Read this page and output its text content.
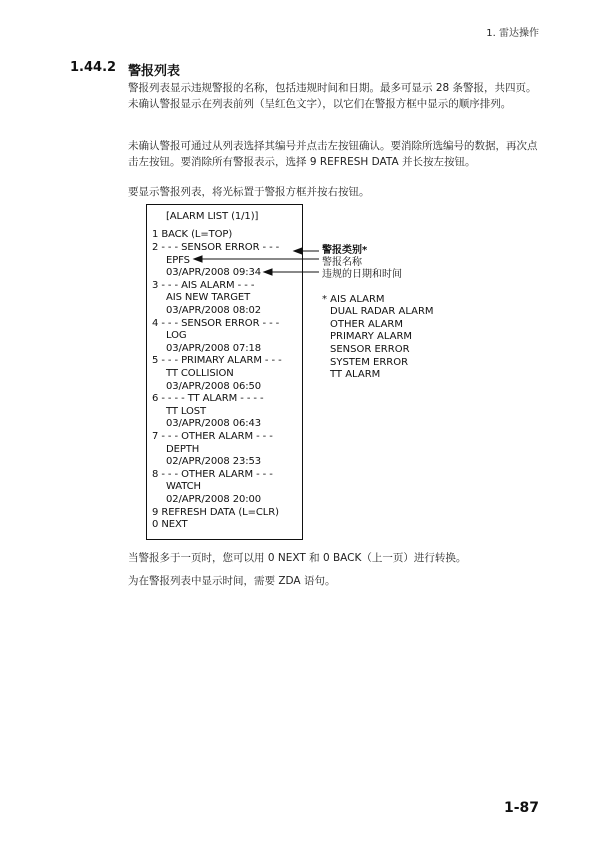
1. 雷达操作
1.44.2 警报列表
警报列表显示违规警报的名称，包括违规时间和日期。最多可显示 28 条警报，共四页。未确认警报显示在列表前列（呈红色文字），以它们在警报方框中显示的顺序排列。
未确认警报可通过从列表选择其编号并点击左按钮确认。要消除所选编号的数据，再次点击左按钮。要消除所有警报表示，选择 9 REFRESH DATA 并长按左按钮。
要显示警报列表，将光标置于警报方框并按右按钮。
[ALARM LIST (1/1)]
1 BACK (L=TOP)
2 - - - SENSOR ERROR - - -
EPFS
03/APR/2008 09:34
3 - - - AIS ALARM - - -
AIS NEW TARGET
03/APR/2008 08:02
4 - - - SENSOR ERROR - - -
LOG
03/APR/2008 07:18
5 - - - PRIMARY ALARM - - -
TT COLLISION
03/APR/2008 06:50
6 - - - - TT ALARM - - - -
TT LOST
03/APR/2008 06:43
7 - - - OTHER ALARM - - -
DEPTH
02/APR/2008 23:53
8 - - - OTHER ALARM - - -
WATCH
02/APR/2008 20:00
9 REFRESH DATA (L=CLR)
0 NEXT
警报类别*
警报名称
违规的日期和时间
* AIS ALARM
DUAL RADAR ALARM
OTHER ALARM
PRIMARY ALARM
SENSOR ERROR
SYSTEM ERROR
TT ALARM
当警报多于一页时，您可以用 0 NEXT 和 0 BACK（上一页）进行转换。
为在警报列表中显示时间，需要 ZDA 语句。
1-87
